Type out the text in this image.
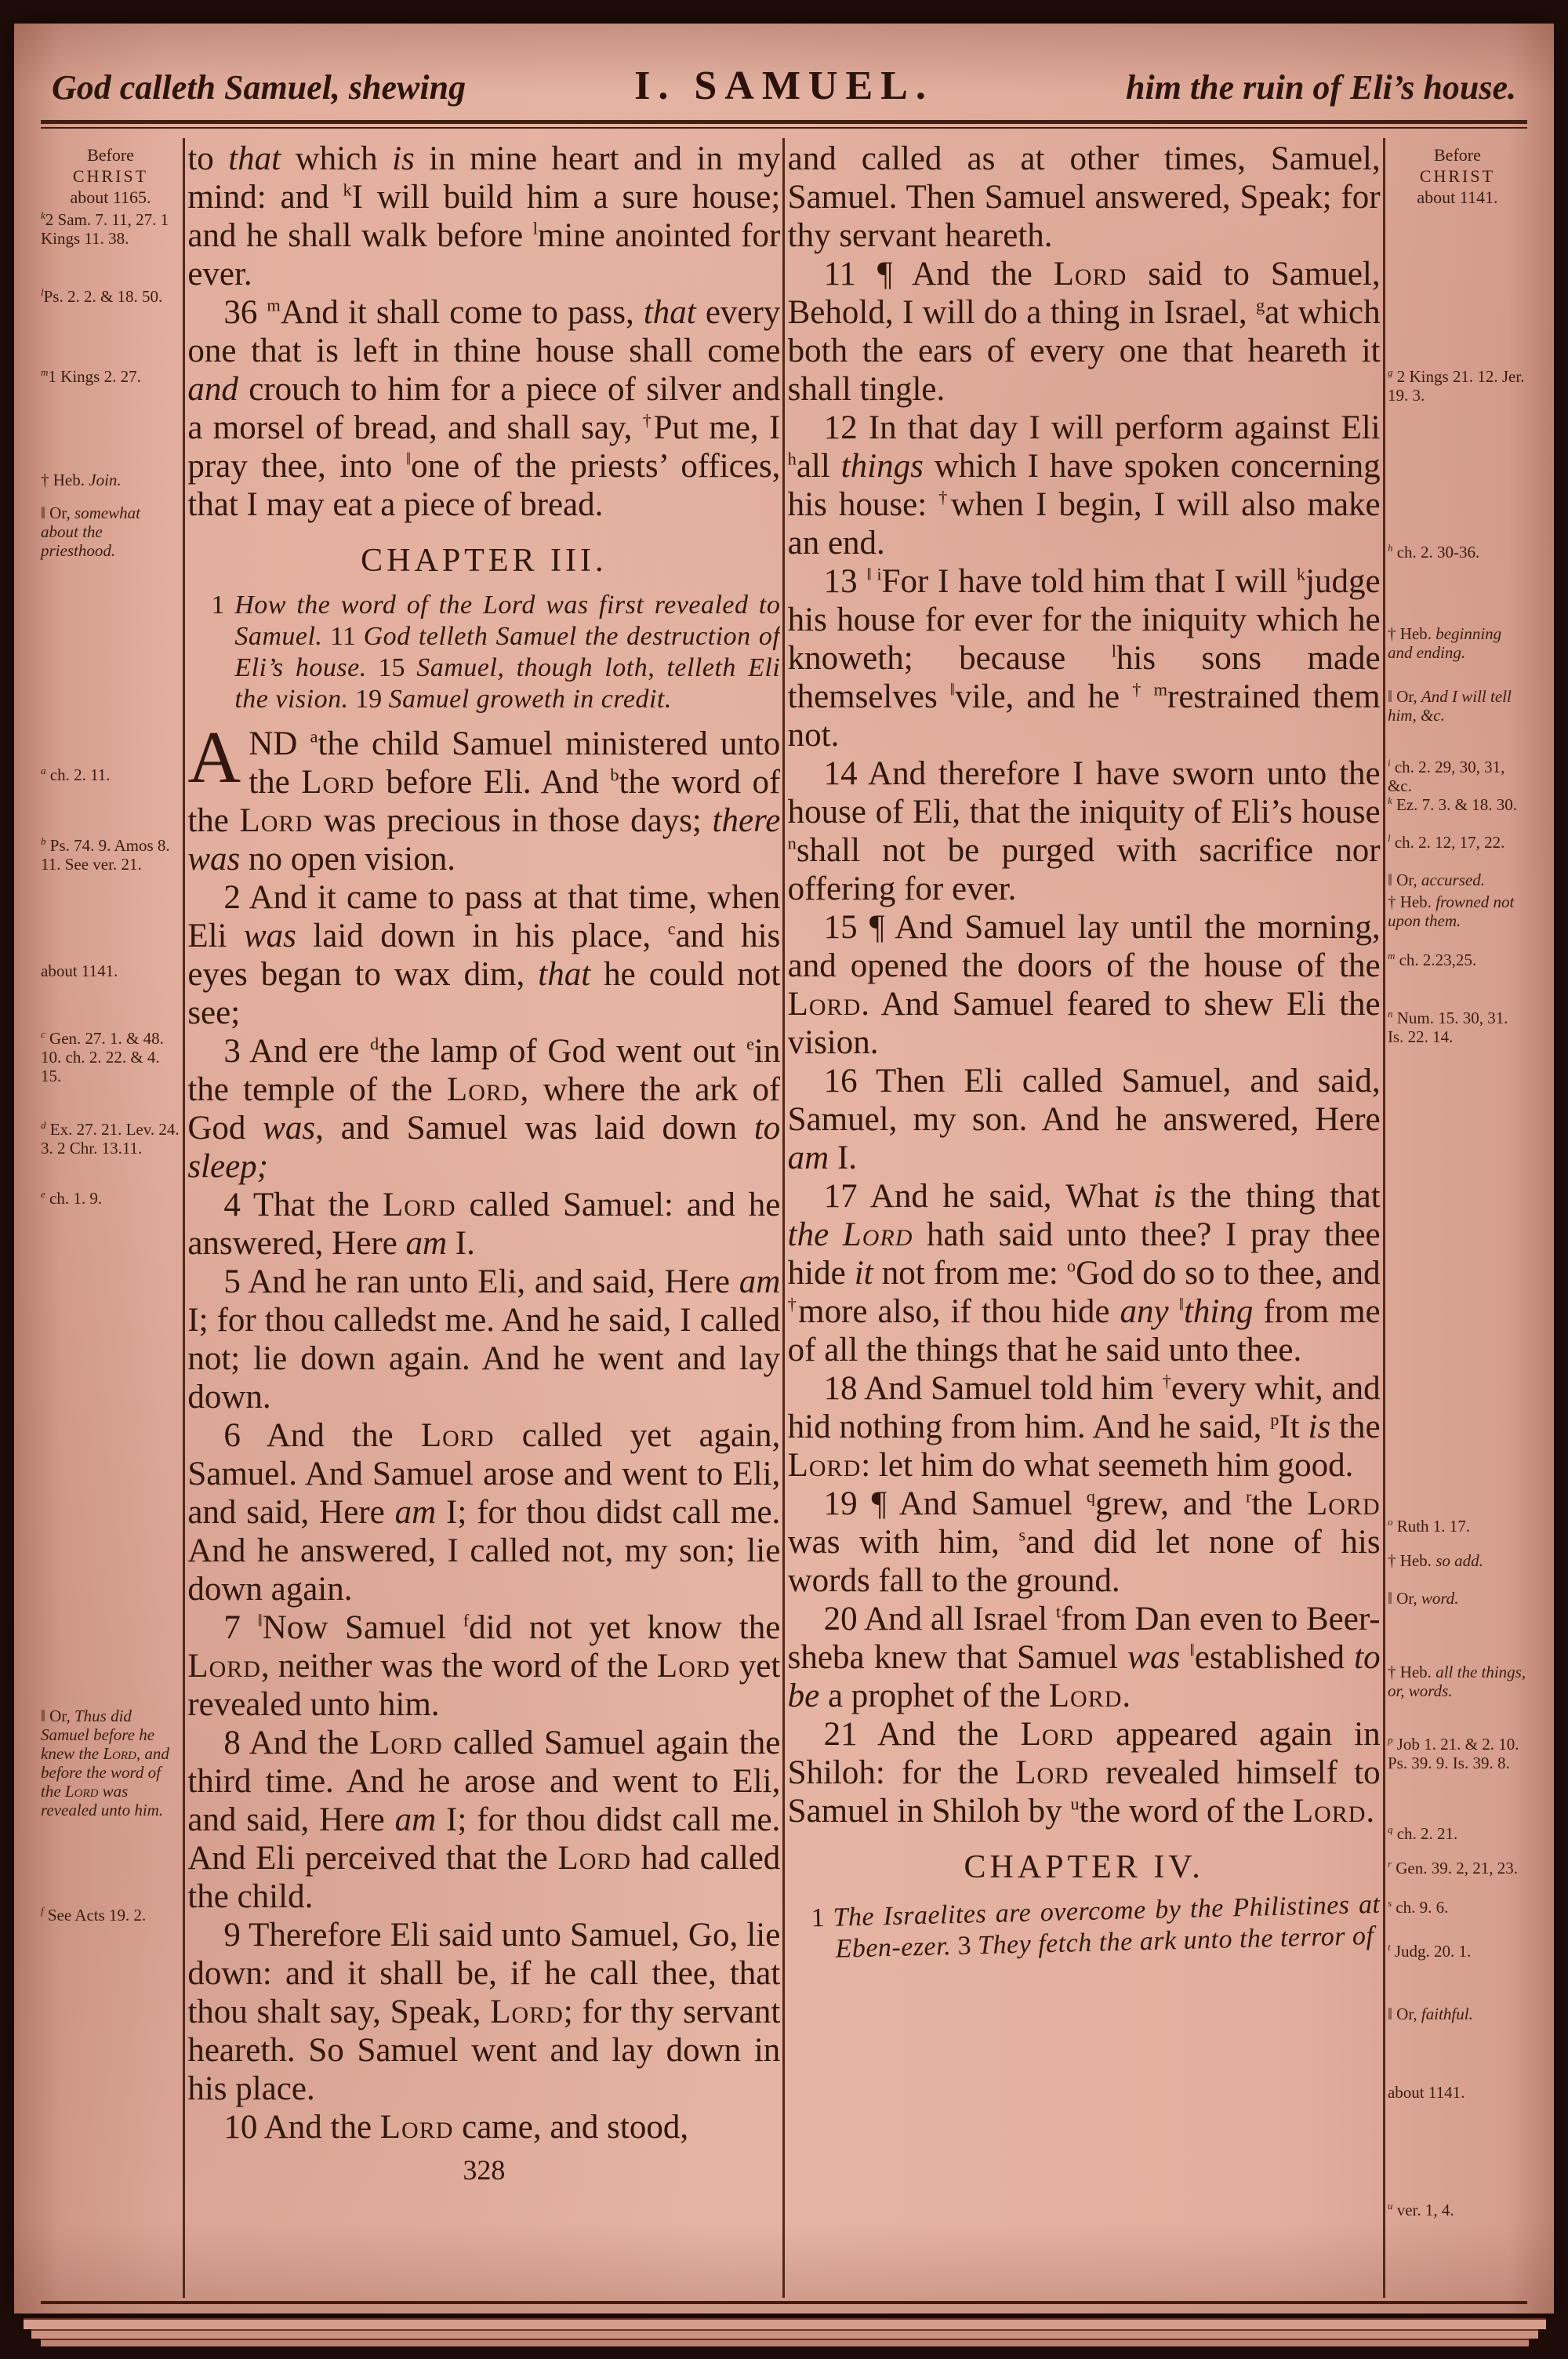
God calleth Samuel, shewing	I. SAMUEL.	him the ruin of Eli’s house.
Before
CHRIST
about 1165.
$^k$2 Sam. 7. 11, 27. 1 Kings 11. 38.
$^l$Ps. 2. 2. & 18. 50.
$^m$1 Kings 2. 27.
† Heb. Join.
‖ Or, somewhat about the priesthood.
$^a$ ch. 2. 11.
$^b$ Ps. 74. 9. Amos 8. 11. See ver. 21.
about 1141.
$^c$ Gen. 27. 1. & 48. 10. ch. 2. 22. & 4. 15.
$^d$ Ex. 27. 21. Lev. 24. 3. 2 Chr. 13.11.
$^e$ ch. 1. 9.
‖ Or, Thus did Samuel before he knew the Lord, and before the word of the Lord was revealed unto him.
$^f$ See Acts 19. 2.
to that which is in mine heart and in my mind: and $^k$I will build him a sure house; and he shall walk before $^l$mine anointed for ever.
36 $^m$And it shall come to pass, that every one that is left in thine house shall come and crouch to him for a piece of silver and a morsel of bread, and shall say, †Put me, I pray thee, into ‖one of the priests’ offices, that I may eat a piece of bread.
CHAPTER III.
1 How the word of the Lord was first revealed to Samuel. 11 God telleth Samuel the destruction of Eli’s house. 15 Samuel, though loth, telleth Eli the vision. 19 Samuel groweth in credit.
AND $^a$the child Samuel ministered unto the Lord before Eli. And $^b$the word of the Lord was precious in those days; there was no open vision.
2 And it came to pass at that time, when Eli was laid down in his place, $^c$and his eyes began to wax dim, that he could not see;
3 And ere $^d$the lamp of God went out $^e$in the temple of the Lord, where the ark of God was, and Samuel was laid down to sleep;
4 That the Lord called Samuel: and he answered, Here am I.
5 And he ran unto Eli, and said, Here am I; for thou calledst me. And he said, I called not; lie down again. And he went and lay down.
6 And the Lord called yet again, Samuel. And Samuel arose and went to Eli, and said, Here am I; for thou didst call me. And he answered, I called not, my son; lie down again.
7 ‖Now Samuel $^f$did not yet know the Lord, neither was the word of the Lord yet revealed unto him.
8 And the Lord called Samuel again the third time. And he arose and went to Eli, and said, Here am I; for thou didst call me. And Eli perceived that the Lord had called the child.
9 Therefore Eli said unto Samuel, Go, lie down: and it shall be, if he call thee, that thou shalt say, Speak, Lord; for thy servant heareth. So Samuel went and lay down in his place.
10 And the Lord came, and stood,
328
and called as at other times, Samuel, Samuel. Then Samuel answered, Speak; for thy servant heareth.
11 ¶ And the Lord said to Samuel, Behold, I will do a thing in Israel, $^g$at which both the ears of every one that heareth it shall tingle.
12 In that day I will perform against Eli $^h$all things which I have spoken concerning his house: †when I begin, I will also make an end.
13 $^{‖ i}$For I have told him that I will $^k$judge his house for ever for the iniquity which he knoweth; because $^l$his sons made themselves ‖vile, and he $^{\dagger m}$restrained them not.
14 And therefore I have sworn unto the house of Eli, that the iniquity of Eli’s house $^n$shall not be purged with sacrifice nor offering for ever.
15 ¶ And Samuel lay until the morning, and opened the doors of the house of the Lord. And Samuel feared to shew Eli the vision.
16 Then Eli called Samuel, and said, Samuel, my son. And he answered, Here am I.
17 And he said, What is the thing that the Lord hath said unto thee? I pray thee hide it not from me: $^o$God do so to thee, and †more also, if thou hide any ‖thing from me of all the things that he said unto thee.
18 And Samuel told him †every whit, and hid nothing from him. And he said, $^p$It is the Lord: let him do what seemeth him good.
19 ¶ And Samuel $^q$grew, and $^r$the Lord was with him, $^s$and did let none of his words fall to the ground.
20 And all Israel $^t$from Dan even to Beer-sheba knew that Samuel was ‖established to be a prophet of the Lord.
21 And the Lord appeared again in Shiloh: for the Lord revealed himself to Samuel in Shiloh by $^u$the word of the Lord.
CHAPTER IV.
1 The Israelites are overcome by the Philistines at Eben-ezer. 3 They fetch the ark unto the terror of
Before
CHRIST
about 1141.
$^g$ 2 Kings 21. 12. Jer. 19. 3.
$^h$ ch. 2. 30-36.
† Heb. beginning and ending.
‖ Or, And I will tell him, &c.
$^i$ ch. 2. 29, 30, 31, &c.
$^k$ Ez. 7. 3. & 18. 30.
$^l$ ch. 2. 12, 17, 22.
‖ Or, accursed.
† Heb. frowned not upon them.
$^m$ ch. 2.23,25.
$^n$ Num. 15. 30, 31. Is. 22. 14.
$^o$ Ruth 1. 17.
† Heb. so add.
‖ Or, word.
† Heb. all the things, or, words.
$^p$ Job 1. 21. & 2. 10. Ps. 39. 9. Is. 39. 8.
$^q$ ch. 2. 21.
$^r$ Gen. 39. 2, 21, 23.
$^s$ ch. 9. 6.
$^t$ Judg. 20. 1.
‖ Or, faithful.
about 1141.
$^u$ ver. 1, 4.
